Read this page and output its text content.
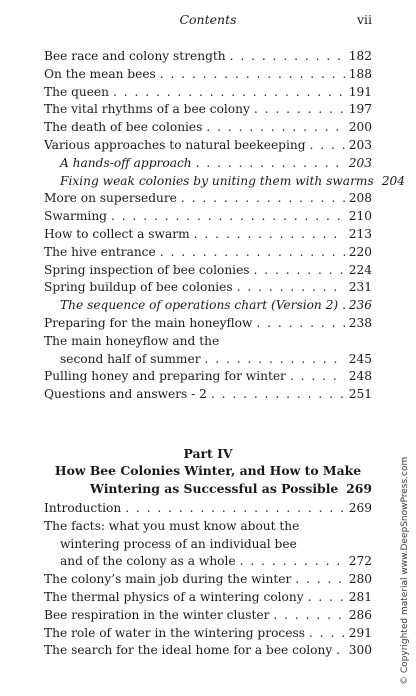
Contents	vii
Bee race and colony strength . . .	182
On the mean bees . . .	188
The queen . . .	191
The vital rhythms of a bee colony . . .	197
The death of bee colonies . . .	200
Various approaches to natural beekeeping . . .	203
A hands-off approach . . .	203
Fixing weak colonies by uniting them with swarms 204
More on supersedure . . .	208
Swarming . . .	210
How to collect a swarm . . .	213
The hive entrance . . .	220
Spring inspection of bee colonies . . .	224
Spring buildup of bee colonies . . .	231
The sequence of operations chart (Version 2) . . . 236
Preparing for the main honeyflow . . .	238
The main honeyflow and the
second half of summer . . .	245
Pulling honey and preparing for winter . . .	248
Questions and answers - 2 . . .	251
Part IV
How Bee Colonies Winter, and How to Make
Wintering as Successful as Possible 269
Introduction . . .	269
The facts: what you must know about the
wintering process of an individual bee
and of the colony as a whole . . .	272
The colony’s main job during the winter . . .	280
The thermal physics of a wintering colony . . .	281
Bee respiration in the winter cluster . . .	286
The role of water in the wintering process . . .	291
The search for the ideal home for a bee colony . . . 300	© Copyrighted material www.DeepSnowPress.com
